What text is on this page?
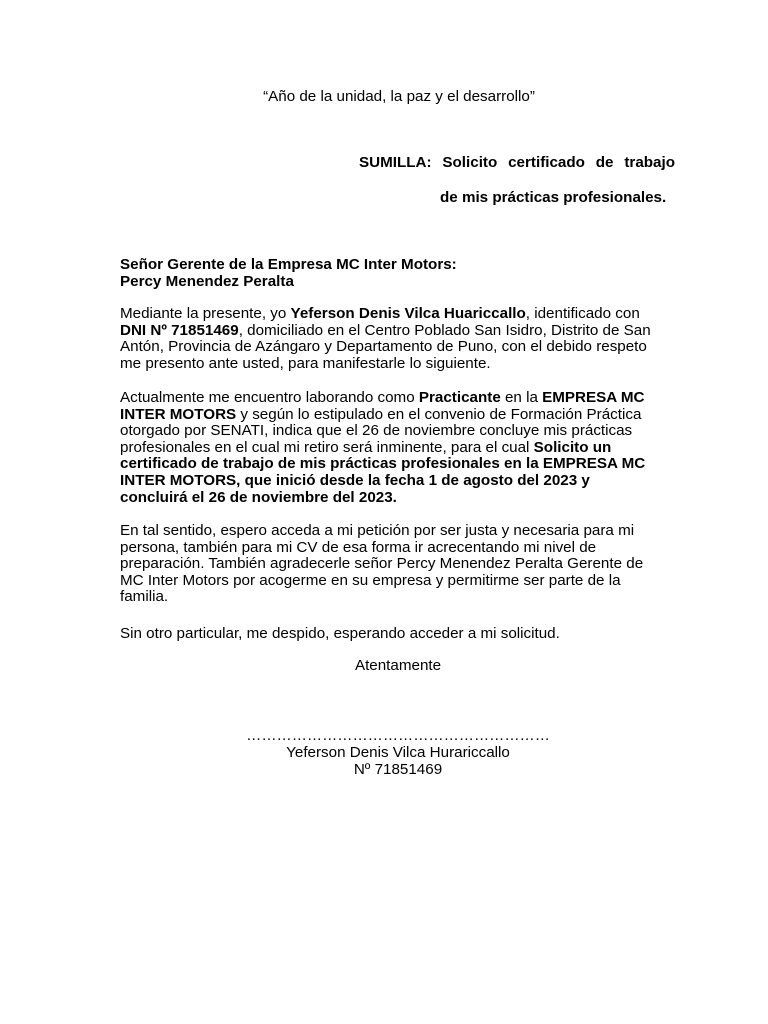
“Año de la unidad, la paz y el desarrollo”
SUMILLA: Solicito certificado de trabajo
de mis prácticas profesionales.
Señor Gerente de la Empresa MC Inter Motors:
Percy Menendez Peralta

Mediante la presente, yo Yeferson Denis Vilca Huariccallo, identificado con DNI Nº 71851469, domiciliado en el Centro Poblado San Isidro, Distrito de San Antón, Provincia de Azángaro y Departamento de Puno, con el debido respeto me presento ante usted, para manifestarle lo siguiente.

Actualmente me encuentro laborando como Practicante en la EMPRESA MC INTER MOTORS y según lo estipulado en el convenio de Formación Práctica otorgado por SENATI, indica que el 26 de noviembre concluye mis prácticas profesionales en el cual mi retiro será inminente, para el cual Solicito un certificado de trabajo de mis prácticas profesionales en la EMPRESA MC INTER MOTORS, que inició desde la fecha 1 de agosto del 2023 y concluirá el 26 de noviembre del 2023.

En tal sentido, espero acceda a mi petición por ser justa y necesaria para mi persona, también para mi CV de esa forma ir acrecentando mi nivel de preparación. También agradecerle señor Percy Menendez Peralta Gerente de MC Inter Motors por acogerme en su empresa y permitirme ser parte de la familia.

Sin otro particular, me despido, esperando acceder a mi solicitud.

Atentamente
……………………………………………………
Yeferson Denis Vilca Hurariccallo
Nº 71851469
